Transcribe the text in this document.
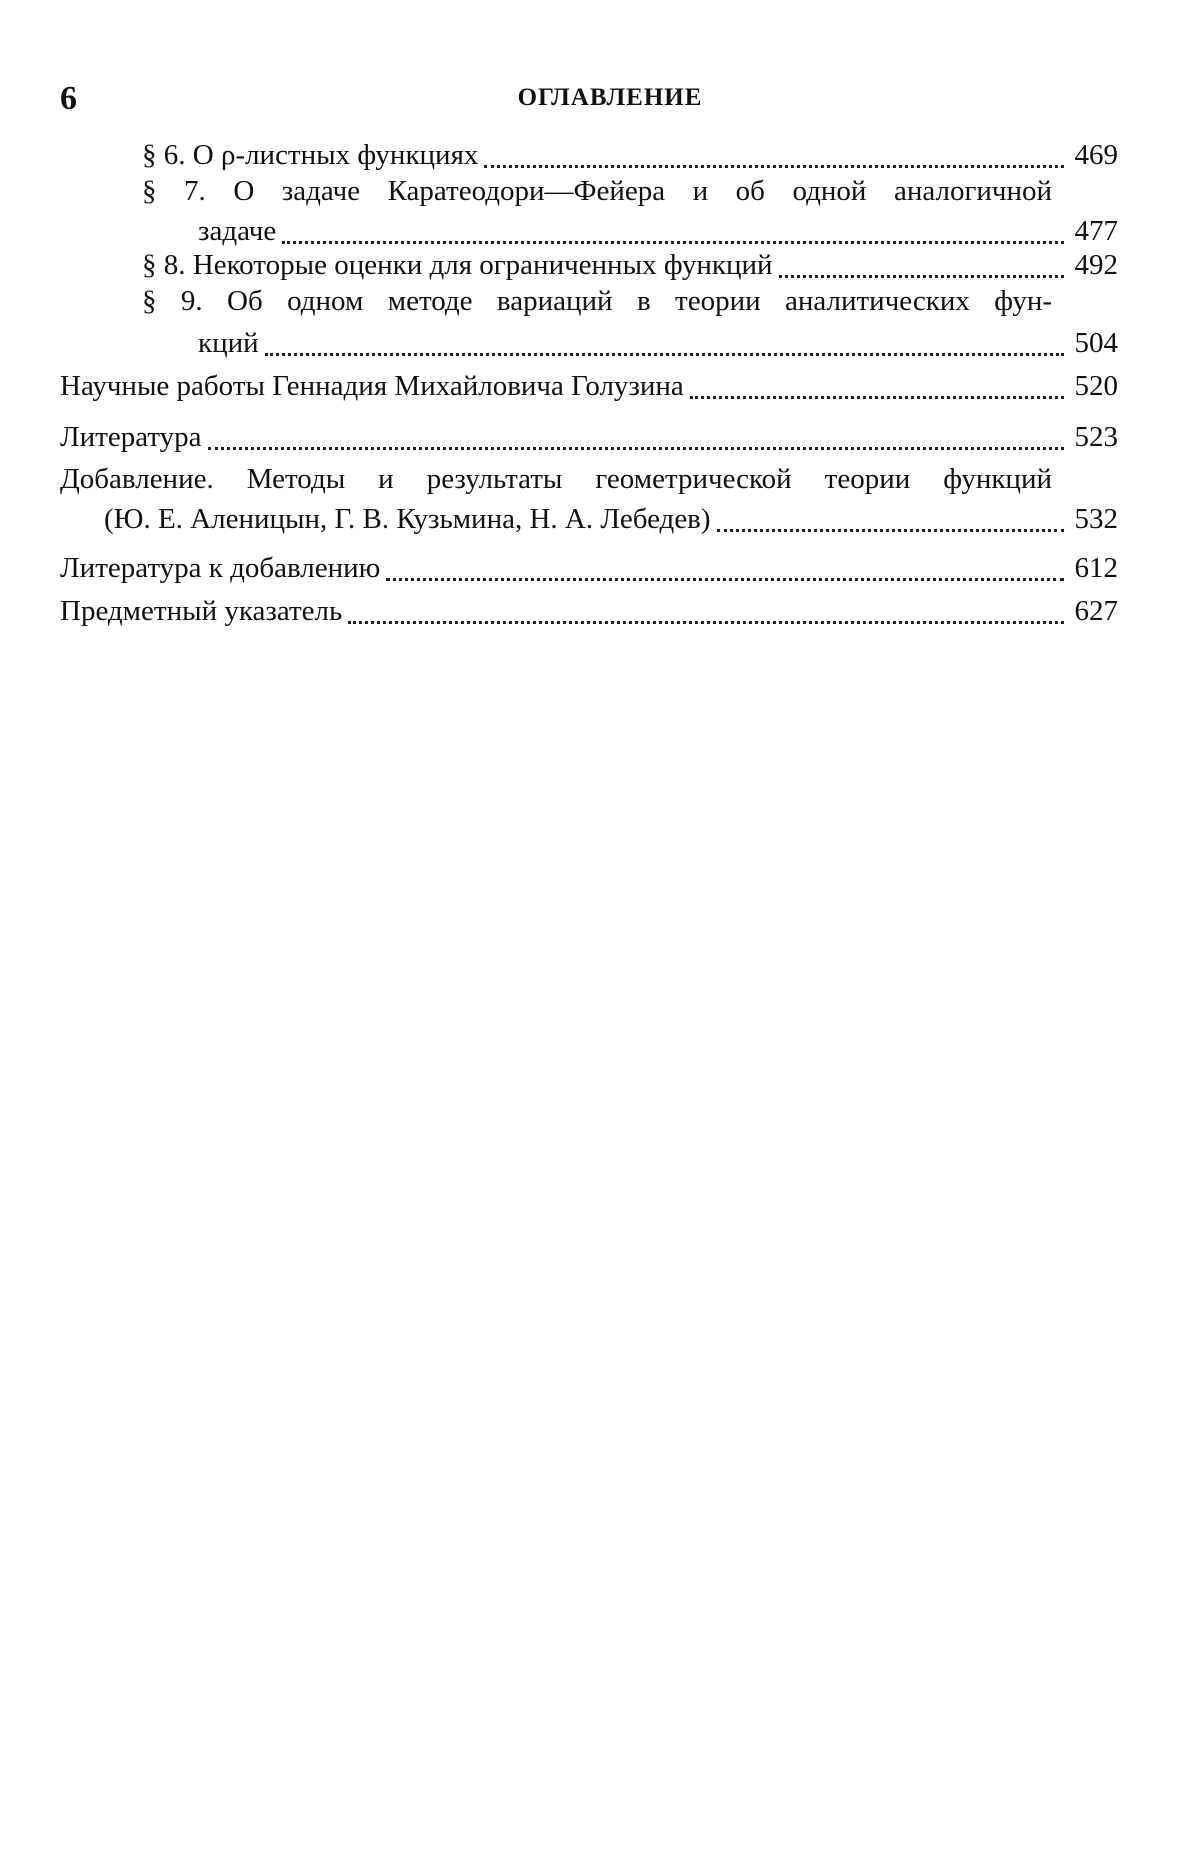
6	ОГЛАВЛЕНИЕ
§ 6. О ρ-листных функциях	469
§ 7. О задаче Каратеодори—Фейера и об одной аналогичной
задаче	477
§ 8. Некоторые оценки для ограниченных функций	492
§ 9. Об одном методе вариаций в теории аналитических фун-
кций	504
Научные работы Геннадия Михайловича Голузина	520
Литература	523
Добавление. Методы и результаты геометрической теории функций
(Ю. Е. Аленицын, Г. В. Кузьмина, Н. А. Лебедев)	532
Литература к добавлению	612
Предметный указатель	627
